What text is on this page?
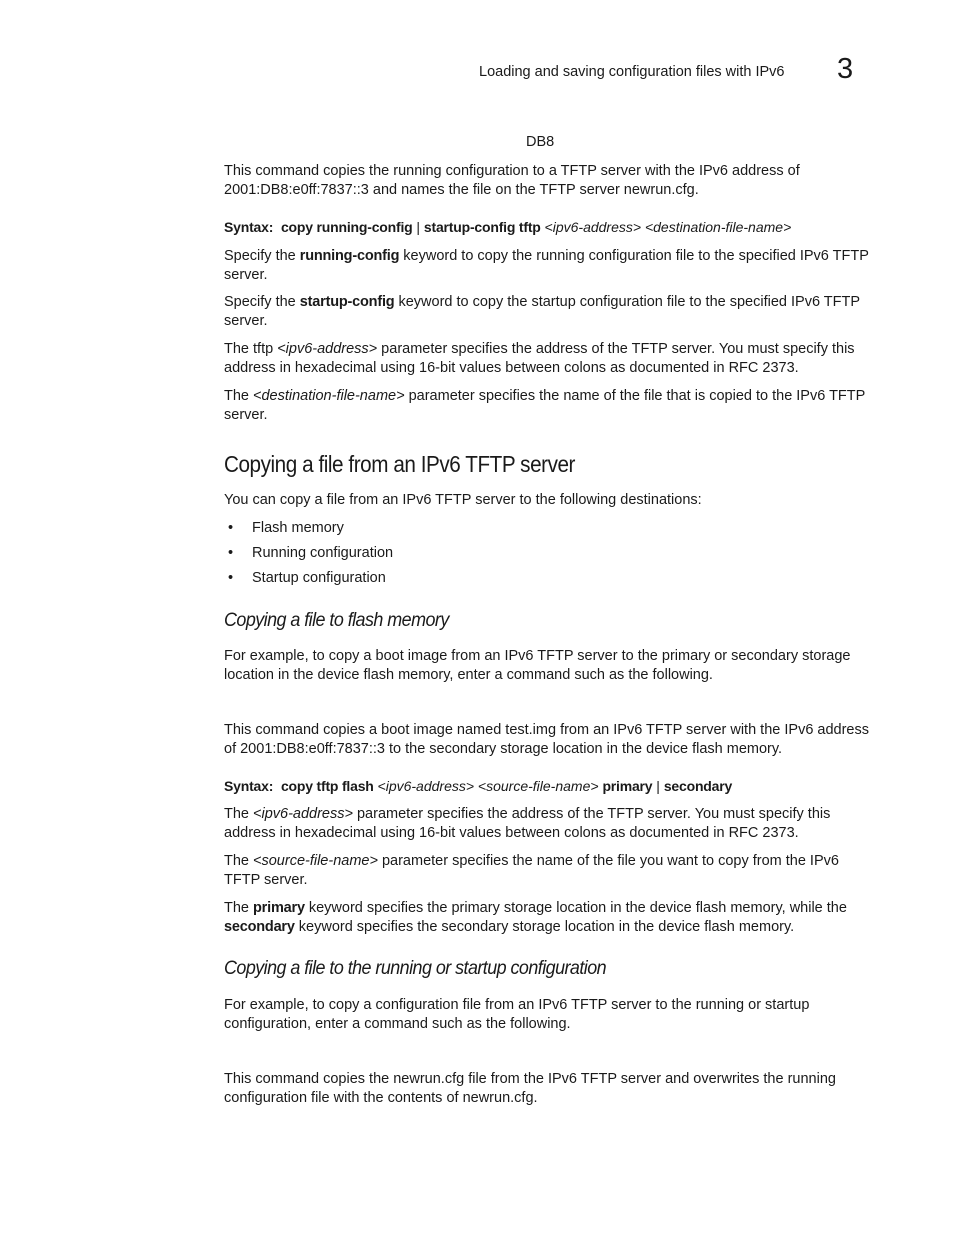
Loading and saving configuration files with IPv6 3
DB8

This command copies the running configuration to a TFTP server with the IPv6 address of 2001:DB8:e0ff:7837::3 and names the file on the TFTP server newrun.cfg.

Syntax: copy running-config | startup-config tftp <ipv6-address> <destination-file-name>

Specify the running-config keyword to copy the running configuration file to the specified IPv6 TFTP server.

Specify the startup-config keyword to copy the startup configuration file to the specified IPv6 TFTP server.

The tftp <ipv6-address> parameter specifies the address of the TFTP server. You must specify this address in hexadecimal using 16-bit values between colons as documented in RFC 2373.

The <destination-file-name> parameter specifies the name of the file that is copied to the IPv6 TFTP server.

Copying a file from an IPv6 TFTP server

You can copy a file from an IPv6 TFTP server to the following destinations:

• Flash memory
• Running configuration
• Startup configuration
Copying a file to flash memory

For example, to copy a boot image from an IPv6 TFTP server to the primary or secondary storage location in the device flash memory, enter a command such as the following.

This command copies a boot image named test.img from an IPv6 TFTP server with the IPv6 address of 2001:DB8:e0ff:7837::3 to the secondary storage location in the device flash memory.

Syntax: copy tftp flash <ipv6-address> <source-file-name> primary | secondary

The <ipv6-address> parameter specifies the address of the TFTP server. You must specify this address in hexadecimal using 16-bit values between colons as documented in RFC 2373.

The <source-file-name> parameter specifies the name of the file you want to copy from the IPv6 TFTP server.

The primary keyword specifies the primary storage location in the device flash memory, while the secondary keyword specifies the secondary storage location in the device flash memory.

Copying a file to the running or startup configuration

For example, to copy a configuration file from an IPv6 TFTP server to the running or startup configuration, enter a command such as the following.

This command copies the newrun.cfg file from the IPv6 TFTP server and overwrites the running configuration file with the contents of newrun.cfg.
